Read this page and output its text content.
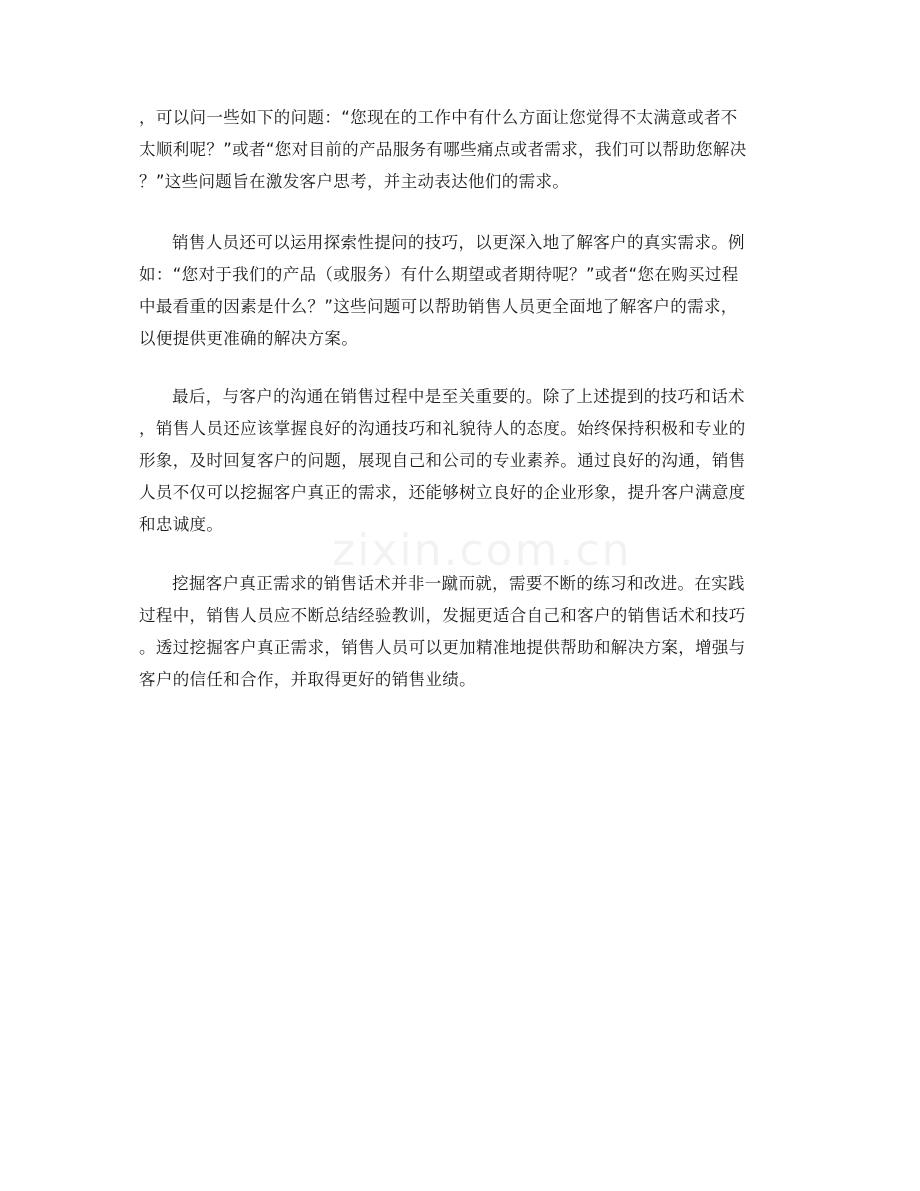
zixin.com.cn
，可以问一些如下的问题：“您现在的工作中有什么方面让您觉得不太满意或者不
太顺利呢？”或者“您对目前的产品服务有哪些痛点或者需求，我们可以帮助您解决
？”这些问题旨在激发客户思考，并主动表达他们的需求。
销售人员还可以运用探索性提问的技巧，以更深入地了解客户的真实需求。例
如：“您对于我们的产品（或服务）有什么期望或者期待呢？”或者“您在购买过程
中最看重的因素是什么？”这些问题可以帮助销售人员更全面地了解客户的需求，
以便提供更准确的解决方案。
最后，与客户的沟通在销售过程中是至关重要的。除了上述提到的技巧和话术
，销售人员还应该掌握良好的沟通技巧和礼貌待人的态度。始终保持积极和专业的
形象，及时回复客户的问题，展现自己和公司的专业素养。通过良好的沟通，销售
人员不仅可以挖掘客户真正的需求，还能够树立良好的企业形象，提升客户满意度
和忠诚度。
挖掘客户真正需求的销售话术并非一蹴而就，需要不断的练习和改进。在实践
过程中，销售人员应不断总结经验教训，发掘更适合自己和客户的销售话术和技巧
。透过挖掘客户真正需求，销售人员可以更加精准地提供帮助和解决方案，增强与
客户的信任和合作，并取得更好的销售业绩。
